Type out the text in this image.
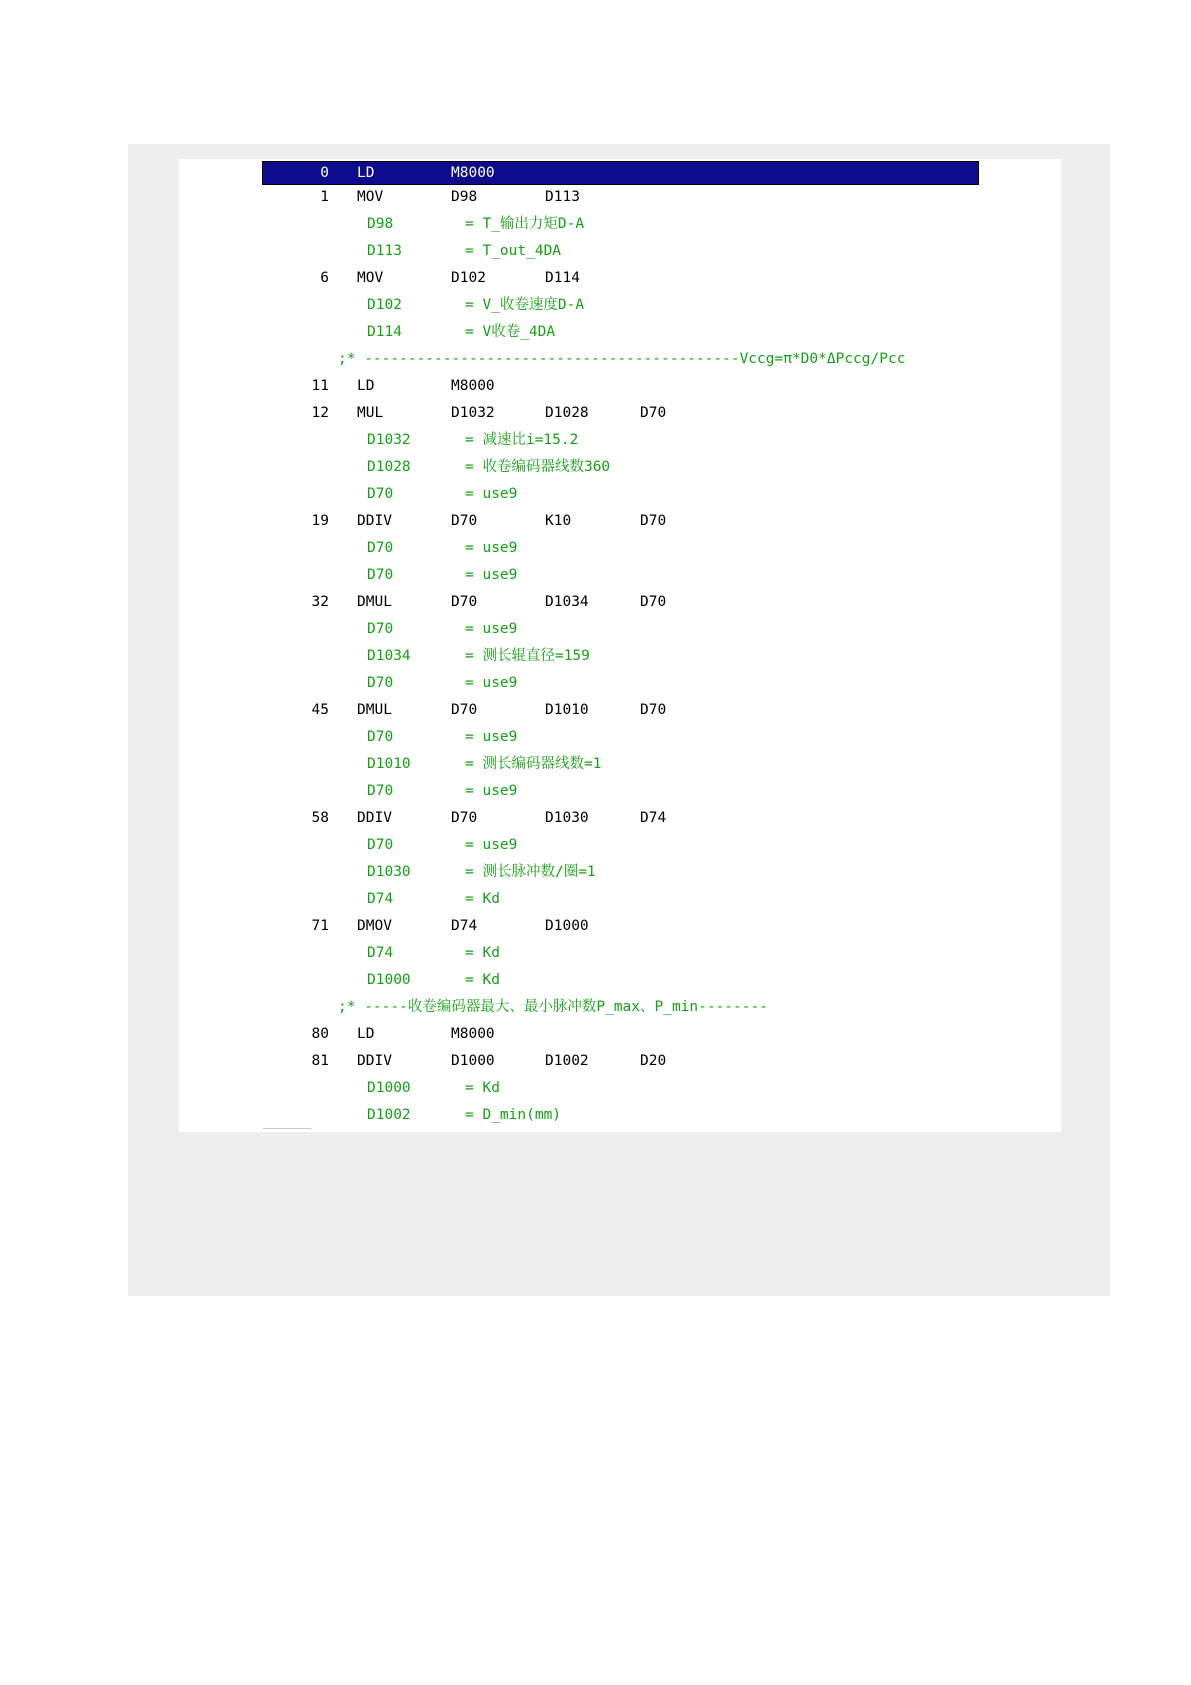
0 LD	M8000
1 MOV	D98	D113
D98	= T_输出力矩D-A
D113	= T_out_4DA
6 MOV	D102	D114
D102	= V_收卷速度D-A
D114	= V收卷_4DA
;* -------------------------------------------Vccg=π*D0*ΔPccg/Pcc
11 LD	M8000
12 MUL	D1032	D1028	D70
D1032	= 减速比i=15.2
D1028	= 收卷编码器线数360
D70	= use9
19 DDIV	D70	K10	D70
D70	= use9
D70	= use9
32 DMUL	D70	D1034	D70
D70	= use9
D1034	= 测长辊直径=159
D70	= use9
45 DMUL	D70	D1010	D70
D70	= use9
D1010	= 测长编码器线数=1
D70	= use9
58 DDIV	D70	D1030	D74
D70	= use9
D1030	= 测长脉冲数/圈=1
D74	= Kd
71 DMOV	D74	D1000
D74	= Kd
D1000	= Kd
;* -----收卷编码器最大、最小脉冲数P_max、P_min--------
80 LD	M8000
81 DDIV	D1000	D1002	D20
D1000	= Kd
D1002	= D_min(mm)
